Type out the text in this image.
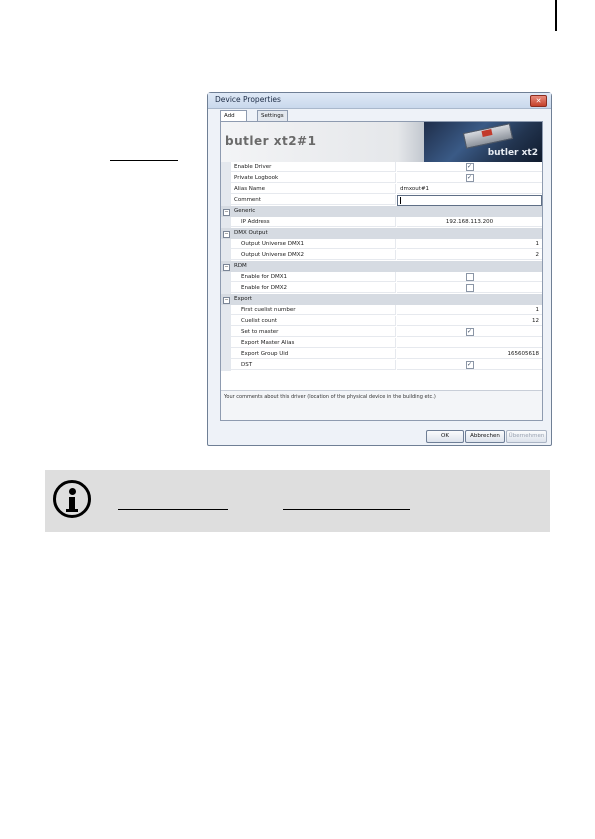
Device Properties	✕
Add	Settings
butler xt2#1
butler xt2
Enable Driver	✓
Private Logbook	✓
Alias Name	dmxout#1
Comment
− Generic
IP Address	192.168.113.200
− DMX Output
Output Universe DMX1	1
Output Universe DMX2	2
− RDM
Enable for DMX1
Enable for DMX2
− Export
First cuelist number	1
Cuelist count	12
Set to master	✓
Export Master Alias
Export Group Uid	165605618
DST	✓
Your comments about this driver (location of the physical device in the building etc.)
OK	Abbrechen	Übernehmen
